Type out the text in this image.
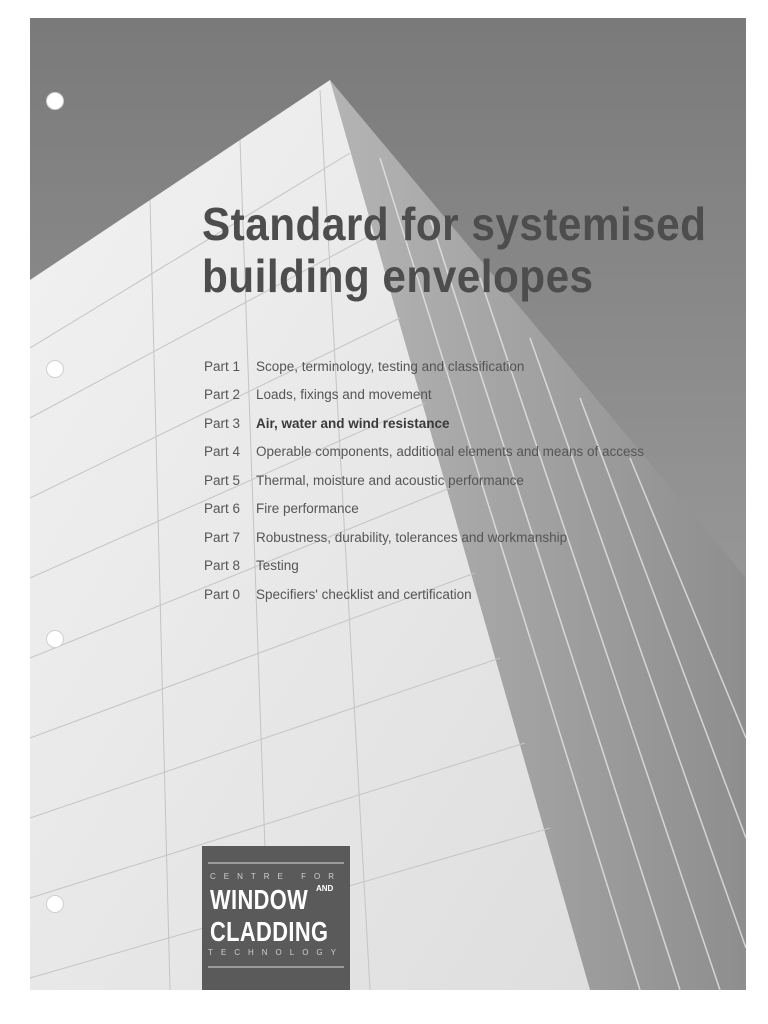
Standard for systemised
building envelopes
Part 1	Scope, terminology, testing and classification
Part 2	Loads, fixings and movement
Part 3	Air, water and wind resistance
Part 4	Operable components, additional elements and means of access
Part 5	Thermal, moisture and acoustic performance
Part 6	Fire performance
Part 7	Robustness, durability, tolerances and workmanship
Part 8	Testing
Part 0	Specifiers' checklist and certification
CENTRE FOR
WINDOW AND
CLADDING
TECHNOLOGY
